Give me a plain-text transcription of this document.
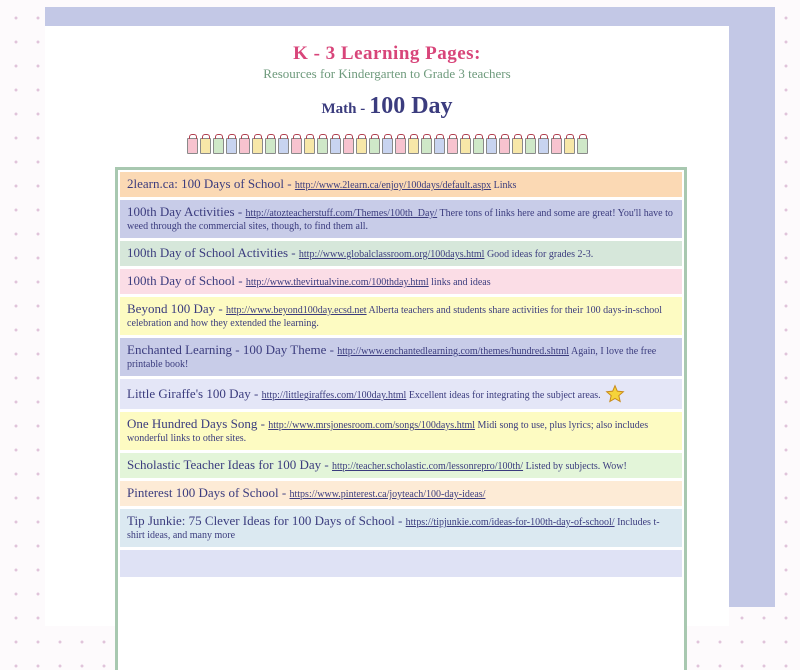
K - 3 Learning Pages:
Resources for Kindergarten to Grade 3 teachers
Math - 100 Day
2learn.ca: 100 Days of School - http://www.2learn.ca/enjoy/100days/default.aspx Links
100th Day Activities - http://atozteacherstuff.com/Themes/100th_Day/ There tons of links here and some are great! You'll have to weed through the commercial sites, though, to find them all.
100th Day of School Activities - http://www.globalclassroom.org/100days.html Good ideas for grades 2-3.
100th Day of School - http://www.thevirtualvine.com/100thday.html links and ideas
Beyond 100 Day - http://www.beyond100day.ecsd.net Alberta teachers and students share activities for their 100 days-in-school celebration and how they extended the learning.
Enchanted Learning - 100 Day Theme - http://www.enchantedlearning.com/themes/hundred.shtml Again, I love the free printable book!
Little Giraffe's 100 Day - http://littlegiraffes.com/100day.html Excellent ideas for integrating the subject areas.
One Hundred Days Song - http://www.mrsjonesroom.com/songs/100days.html Midi song to use, plus lyrics; also includes wonderful links to other sites.
Scholastic Teacher Ideas for 100 Day - http://teacher.scholastic.com/lessonrepro/100th/ Listed by subjects. Wow!
Pinterest 100 Days of School - https://www.pinterest.ca/joyteach/100-day-ideas/
Tip Junkie: 75 Clever Ideas for 100 Days of School - https://tipjunkie.com/ideas-for-100th-day-of-school/ Includes t-shirt ideas, and many more
